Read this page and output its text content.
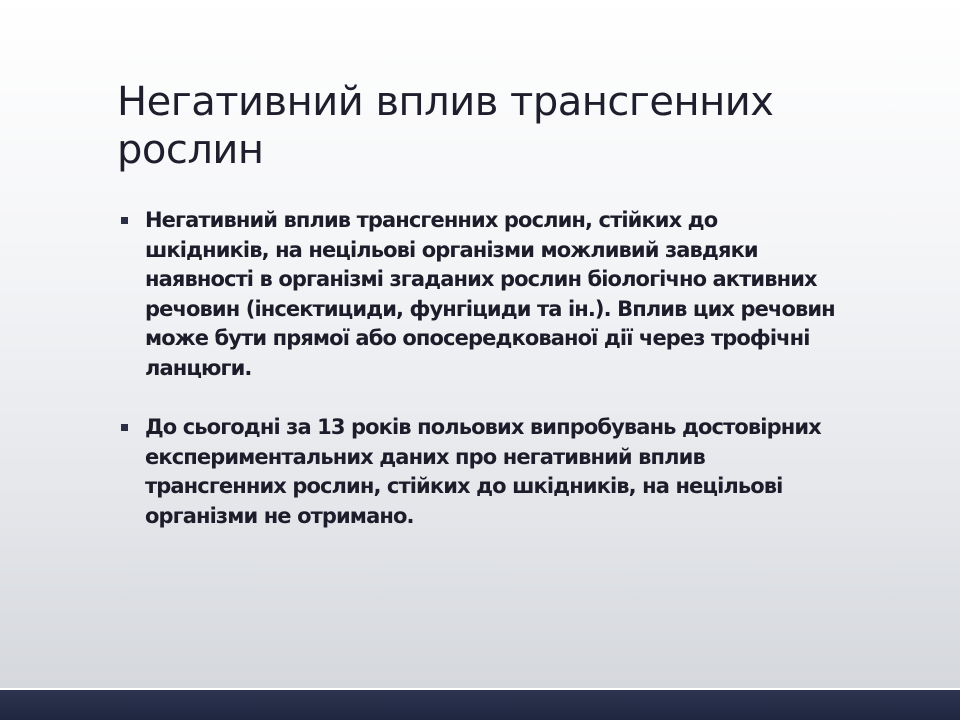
Негативний вплив трансгенних рослин
Негативний вплив трансгенних рослин, стійких до шкідників, на нецільові організми можливий завдяки наявності в організмі згаданих рослин біологічно активних речовин (інсектициди, фунгіциди та ін.). Вплив цих речовин може бути прямої або опосередкованої дії через трофічні ланцюги.
До сьогодні за 13 років польових випробувань достовірних експериментальних даних про негативний вплив трансгенних рослин, стійких до шкідників, на нецільові організми не отримано.
